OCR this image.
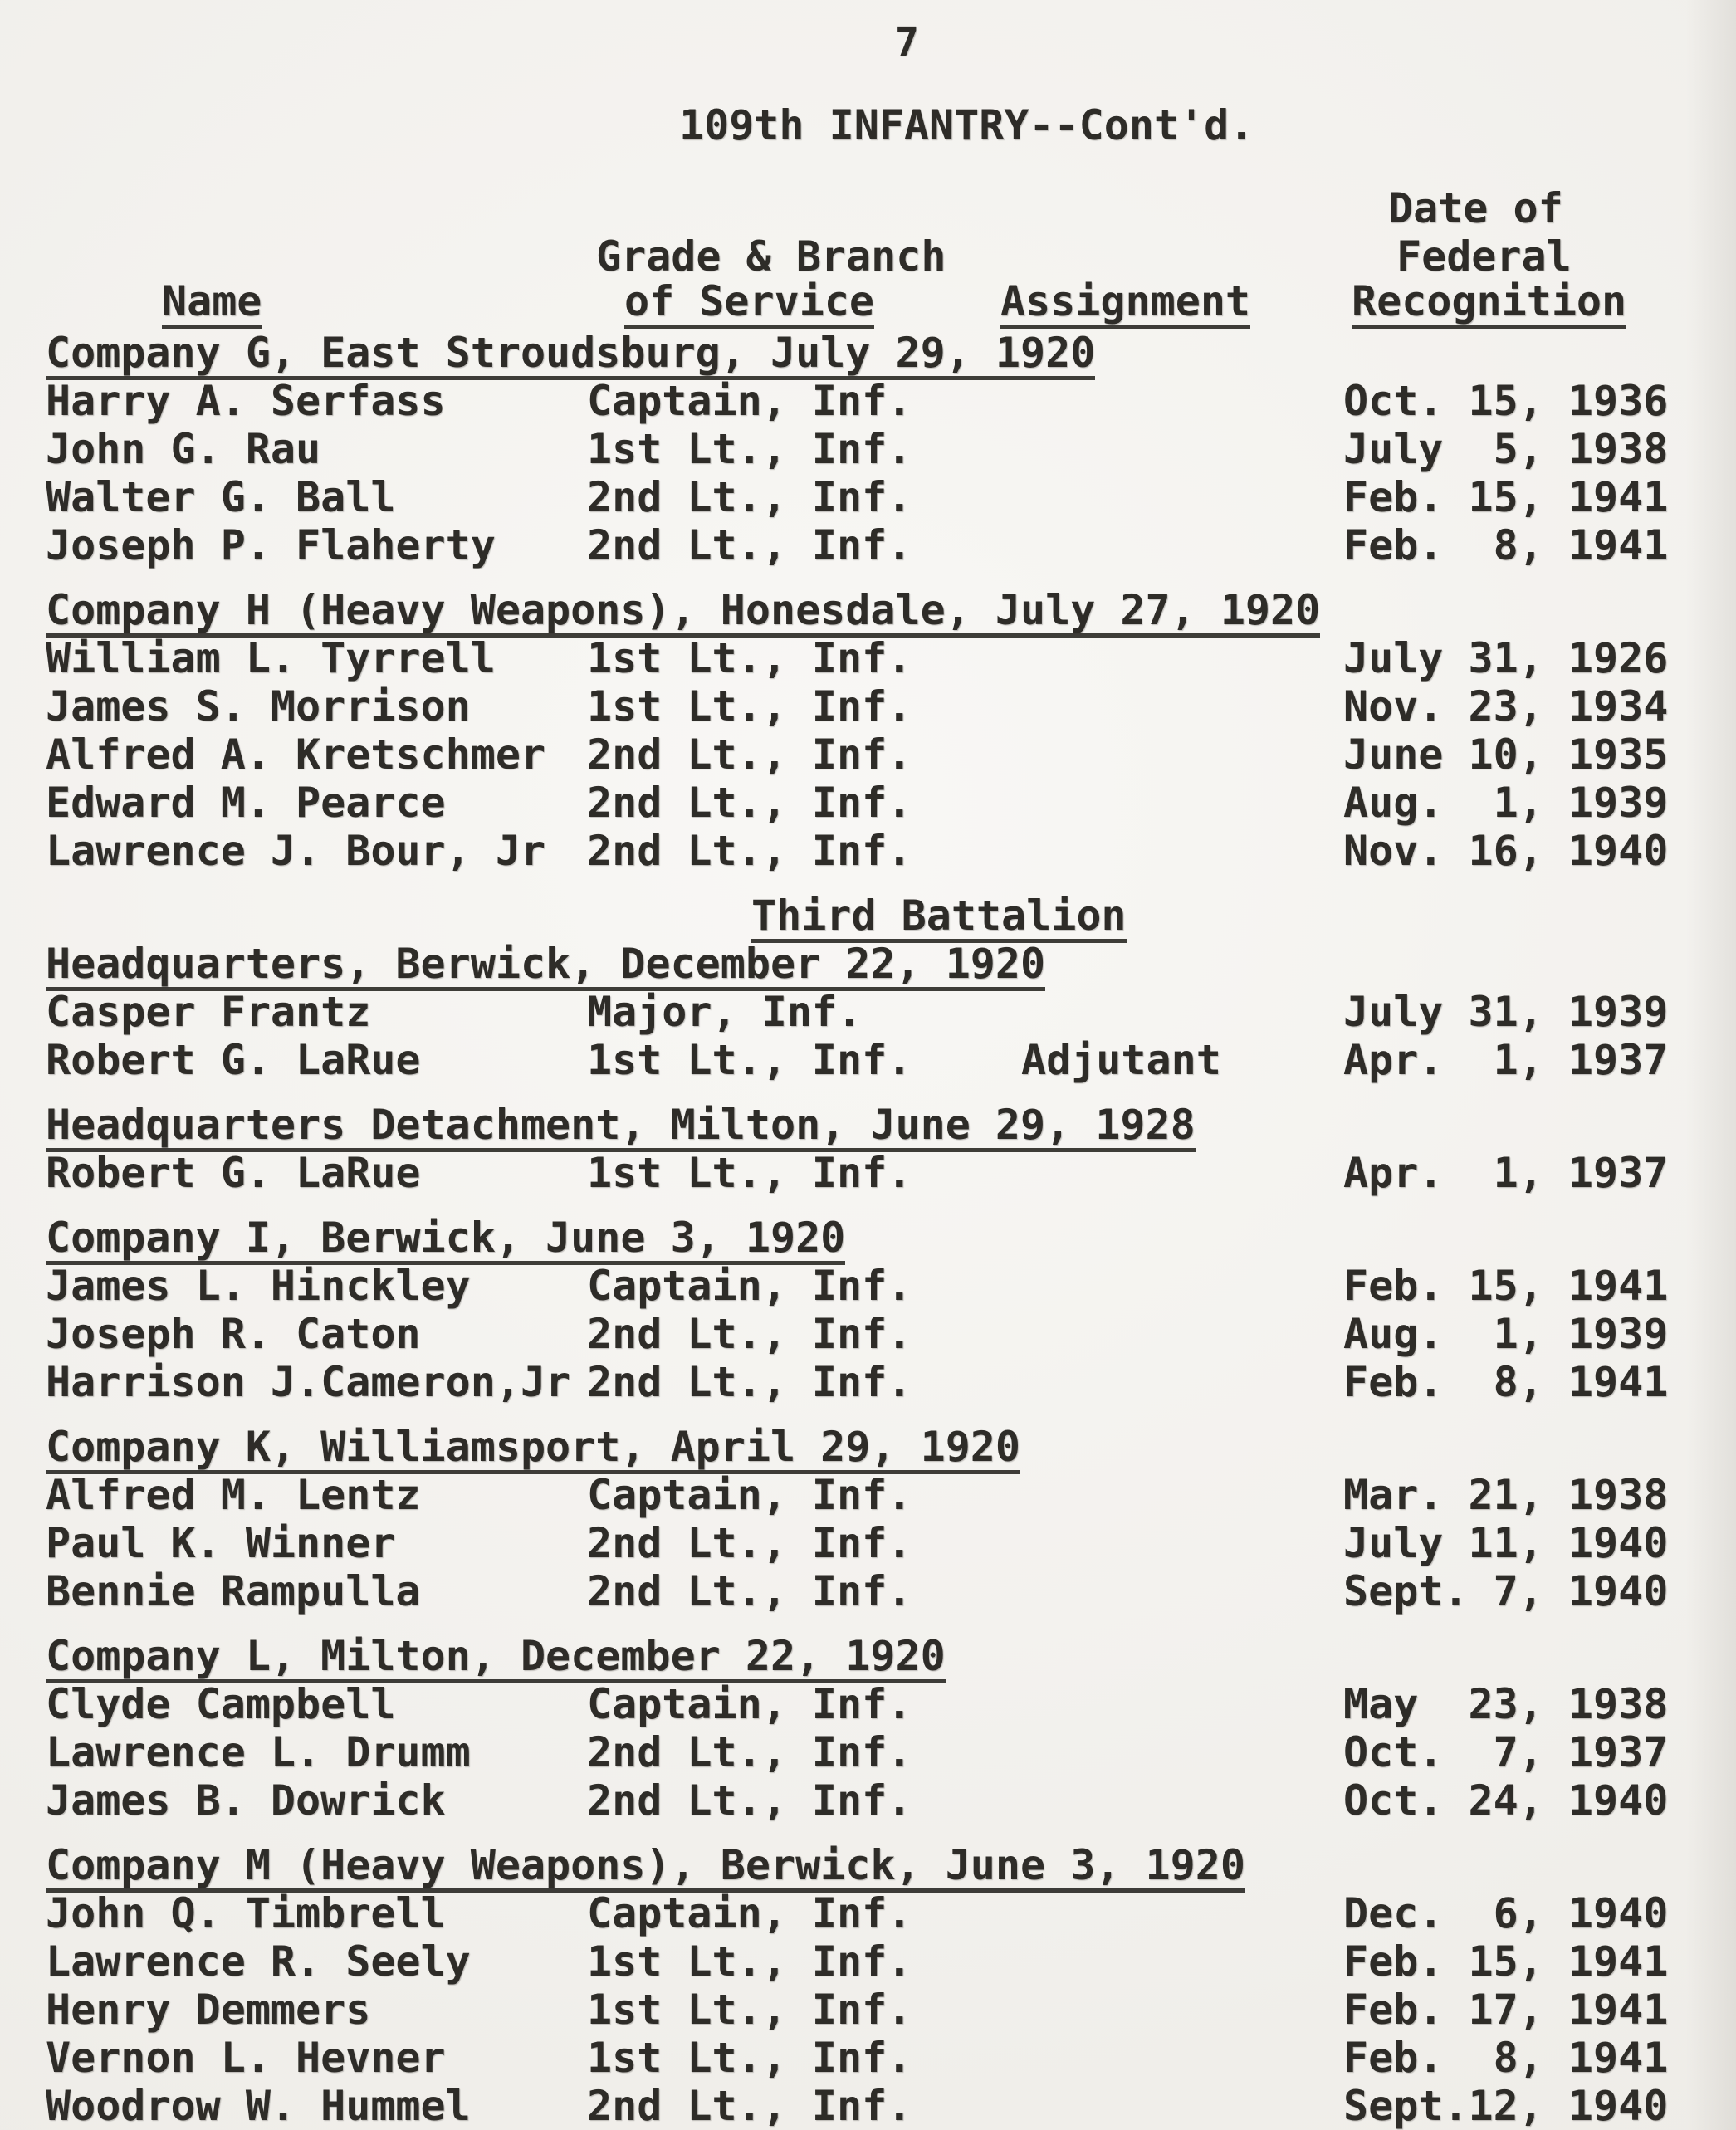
7
109th INFANTRY--Cont'd.
Date of
Grade & Branch	Federal
Name	of Service	Assignment Recognition
Company G, East Stroudsburg, July 29, 1920
Harry A. Serfass	Captain, Inf.	Oct. 15, 1936
John G. Rau	1st Lt., Inf.	July  5, 1938
Walter G. Ball	2nd Lt., Inf.	Feb. 15, 1941
Joseph P. Flaherty 2nd Lt., Inf.	Feb.  8, 1941
Company H (Heavy Weapons), Honesdale, July 27, 1920
William L. Tyrrell 1st Lt., Inf.	July 31, 1926
James S. Morrison	1st Lt., Inf.	Nov. 23, 1934
Alfred A. Kretschmer 2nd Lt., Inf.	June 10, 1935
Edward M. Pearce	2nd Lt., Inf.	Aug.  1, 1939
Lawrence J. Bour, Jr 2nd Lt., Inf.	Nov. 16, 1940
Third Battalion
Headquarters, Berwick, December 22, 1920
Casper Frantz	Major, Inf.	July 31, 1939
Robert G. LaRue	1st Lt., Inf.	Adjutant	Apr.  1, 1937
Headquarters Detachment, Milton, June 29, 1928
Robert G. LaRue	1st Lt., Inf.	Apr.  1, 1937
Company I, Berwick, June 3, 1920
James L. Hinckley	Captain, Inf.	Feb. 15, 1941
Joseph R. Caton	2nd Lt., Inf.	Aug.  1, 1939
Harrison J.Cameron,Jr 2nd Lt., Inf.	Feb.  8, 1941
Company K, Williamsport, April 29, 1920
Alfred M. Lentz	Captain, Inf.	Mar. 21, 1938
Paul K. Winner	2nd Lt., Inf.	July 11, 1940
Bennie Rampulla	2nd Lt., Inf.	Sept. 7, 1940
Company L, Milton, December 22, 1920
Clyde Campbell	Captain, Inf.	May  23, 1938
Lawrence L. Drumm	2nd Lt., Inf.	Oct.  7, 1937
James B. Dowrick	2nd Lt., Inf.	Oct. 24, 1940
Company M (Heavy Weapons), Berwick, June 3, 1920
John Q. Timbrell	Captain, Inf.	Dec.  6, 1940
Lawrence R. Seely	1st Lt., Inf.	Feb. 15, 1941
Henry Demmers	1st Lt., Inf.	Feb. 17, 1941
Vernon L. Hevner	1st Lt., Inf.	Feb.  8, 1941
Woodrow W. Hummel	2nd Lt., Inf.	Sept.12, 1940
